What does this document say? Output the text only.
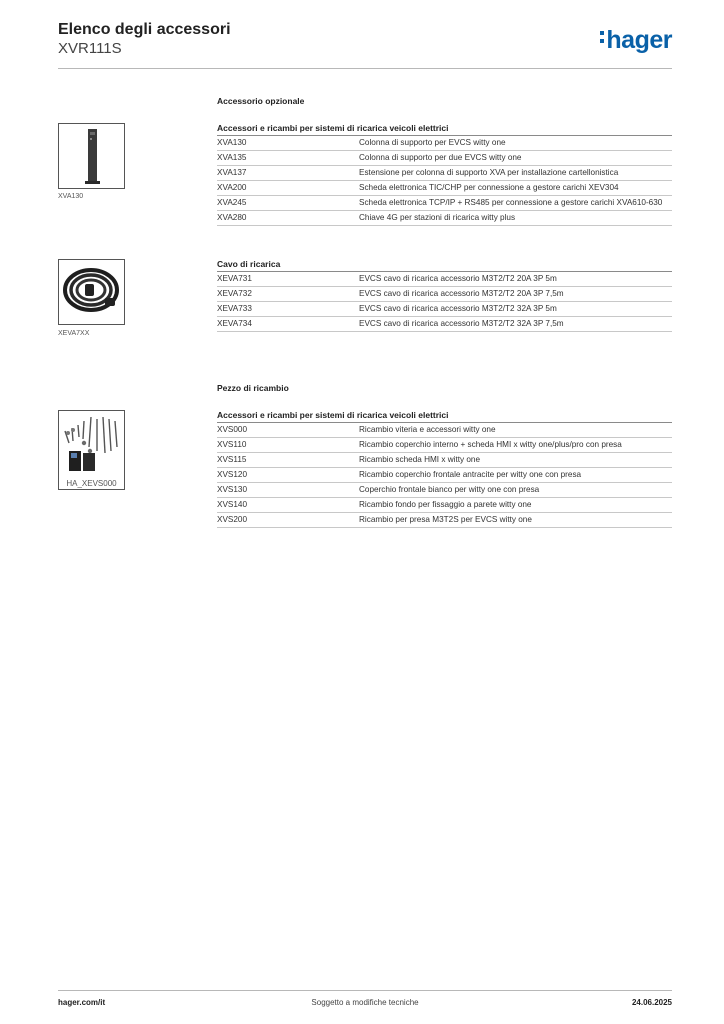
Elenco degli accessori
XVR111S	hager
Accessorio opzionale
Accessori e ricambi per sistemi di ricarica veicoli elettrici
XVA130	Colonna di supporto per EVCS witty one
XVA135	Colonna di supporto per due EVCS witty one
XVA137	Estensione per colonna di supporto XVA per installazione cartellonistica
XVA200	Scheda elettronica TIC/CHP per connessione a gestore carichi XEV304
XVA245	Scheda elettronica TCP/IP + RS485 per connessione a gestore carichi XVA610-630
XVA280	Chiave 4G per stazioni di ricarica witty plus
XVA130
Cavo di ricarica
XEVA731	EVCS cavo di ricarica accessorio M3T2/T2 20A 3P 5m
XEVA732	EVCS cavo di ricarica accessorio M3T2/T2 20A 3P 7,5m
XEVA733	EVCS cavo di ricarica accessorio M3T2/T2 32A 3P 5m
XEVA734	EVCS cavo di ricarica accessorio M3T2/T2 32A 3P 7,5m
XEVA7XX
Pezzo di ricambio
Accessori e ricambi per sistemi di ricarica veicoli elettrici
XVS000	Ricambio viteria e accessori witty one
XVS110	Ricambio coperchio interno + scheda HMI x witty one/plus/pro con presa
XVS115	Ricambio scheda HMI x witty one
XVS120	Ricambio coperchio frontale antracite per witty one con presa
XVS130	Coperchio frontale bianco per witty one con presa
XVS140	Ricambio fondo per fissaggio a parete witty one
XVS200	Ricambio per presa M3T2S per EVCS witty one
HA_XEVS000
hager.com/it	Soggetto a modifiche tecniche	24.06.2025
